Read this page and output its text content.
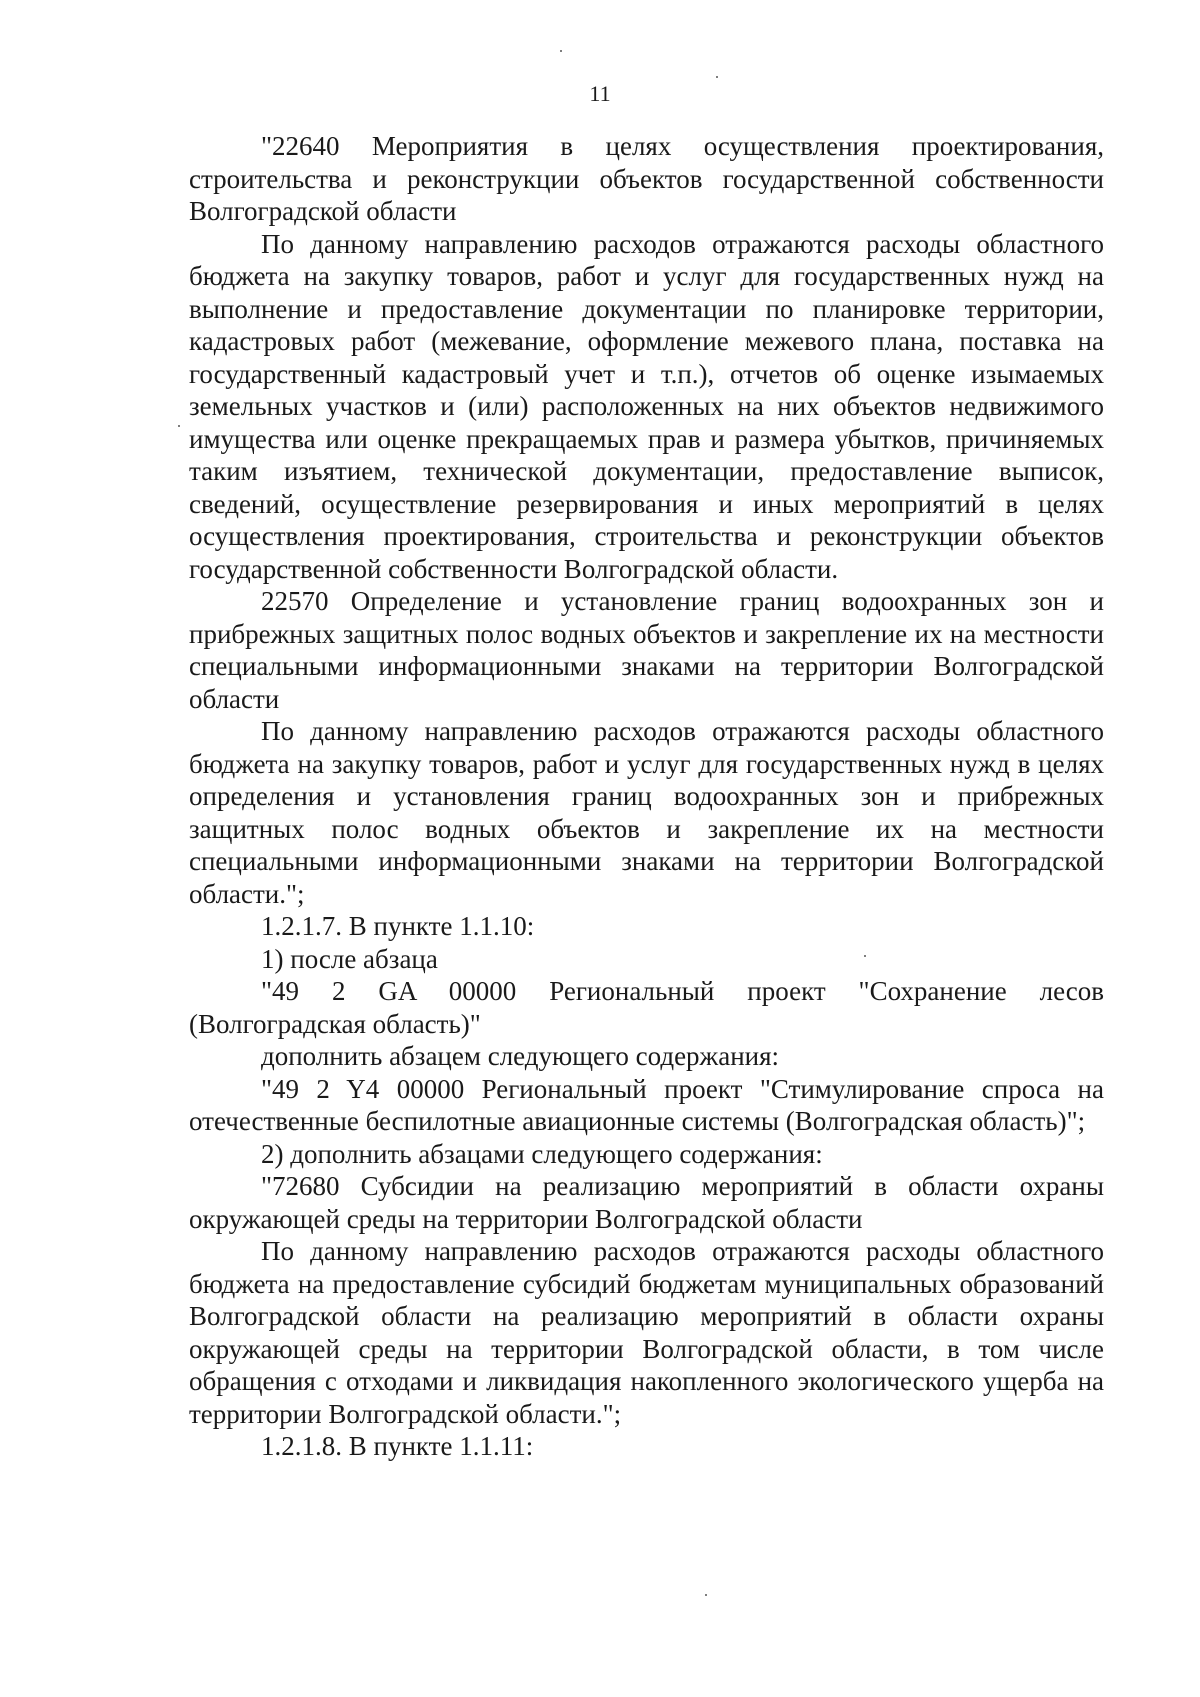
11

"22640 Мероприятия в целях осуществления проектирования, строительства и реконструкции объектов государственной собственности Волгоградской области

По данному направлению расходов отражаются расходы областного бюджета на закупку товаров, работ и услуг для государственных нужд на выполнение и предоставление документации по планировке территории, кадастровых работ (межевание, оформление межевого плана, поставка на государственный кадастровый учет и т.п.), отчетов об оценке изымаемых земельных участков и (или) расположенных на них объектов недвижимого имущества или оценке прекращаемых прав и размера убытков, причиняемых таким изъятием, технической документации, предоставление выписок, сведений, осуществление резервирования и иных мероприятий в целях осуществления проектирования, строительства и реконструкции объектов государственной собственности Волгоградской области.

22570 Определение и установление границ водоохранных зон и прибрежных защитных полос водных объектов и закрепление их на местности специальными информационными знаками на территории Волгоградской области

По данному направлению расходов отражаются расходы областного бюджета на закупку товаров, работ и услуг для государственных нужд в целях определения и установления границ водоохранных зон и прибрежных защитных полос водных объектов и закрепление их на местности специальными информационными знаками на территории Волгоградской области.";

1.2.1.7. В пункте 1.1.10:

1) после абзаца

"49 2 GA 00000 Региональный проект "Сохранение лесов (Волгоградская область)"

дополнить абзацем следующего содержания:

"49 2 Y4 00000 Региональный проект "Стимулирование спроса на отечественные беспилотные авиационные системы (Волгоградская область)";

2) дополнить абзацами следующего содержания:

"72680 Субсидии на реализацию мероприятий в области охраны окружающей среды на территории Волгоградской области

По данному направлению расходов отражаются расходы областного бюджета на предоставление субсидий бюджетам муниципальных образований Волгоградской области на реализацию мероприятий в области охраны окружающей среды на территории Волгоградской области, в том числе обращения с отходами и ликвидация накопленного экологического ущерба на территории Волгоградской области.";

1.2.1.8. В пункте 1.1.11:
